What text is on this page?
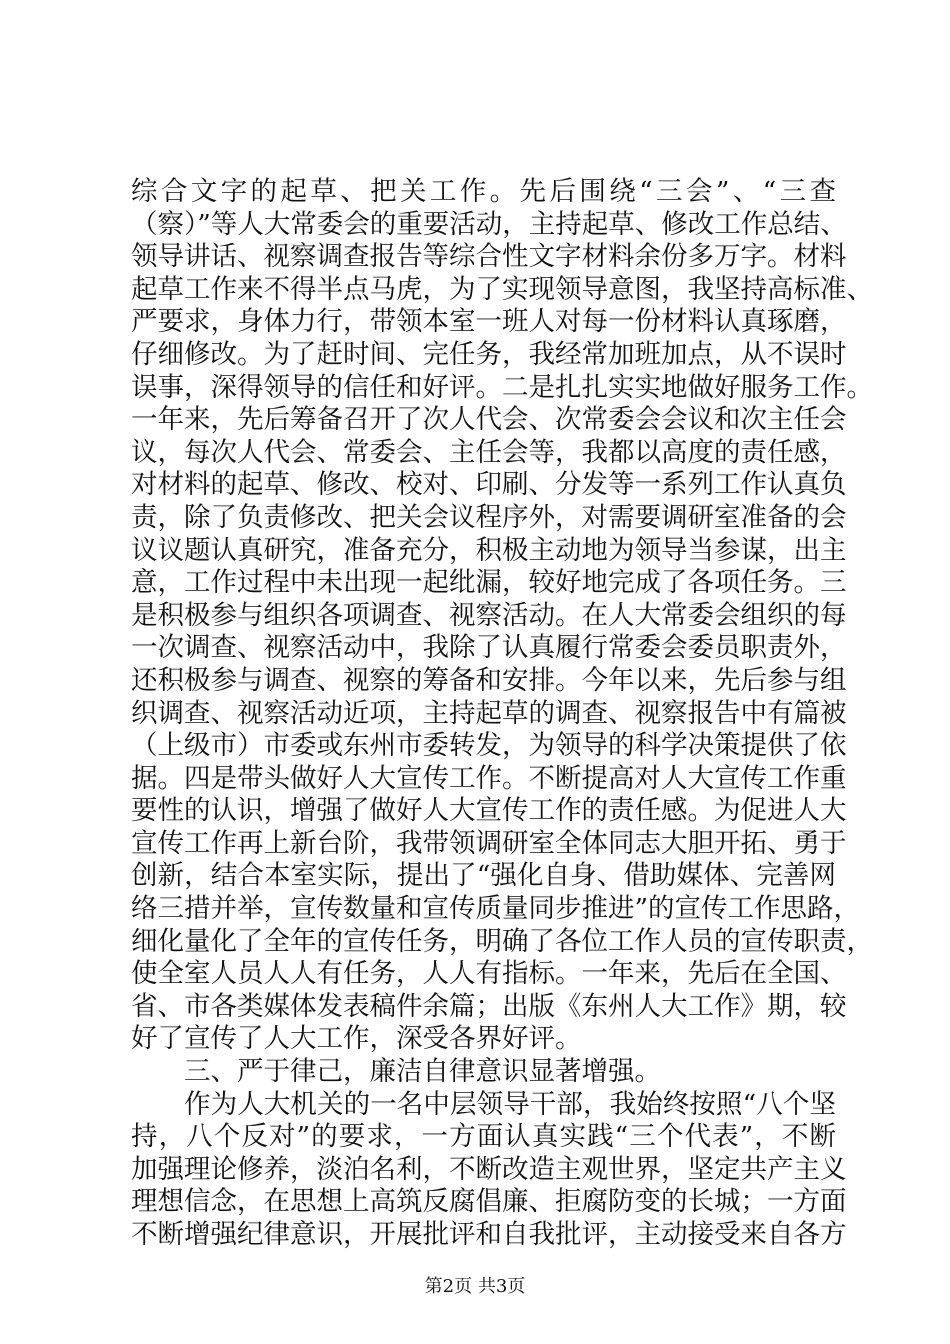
综合文字的起草、把关工作。先后围绕“三会”、“三查
（察）”等人大常委会的重要活动，主持起草、修改工作总结、
领导讲话、视察调查报告等综合性文字材料余份多万字。材料
起草工作来不得半点马虎，为了实现领导意图，我坚持高标准、
严要求，身体力行，带领本室一班人对每一份材料认真琢磨，
仔细修改。为了赶时间、完任务，我经常加班加点，从不误时
误事，深得领导的信任和好评。二是扎扎实实地做好服务工作。
一年来，先后筹备召开了次人代会、次常委会会议和次主任会
议，每次人代会、常委会、主任会等，我都以高度的责任感，
对材料的起草、修改、校对、印刷、分发等一系列工作认真负
责，除了负责修改、把关会议程序外，对需要调研室准备的会
议议题认真研究，准备充分，积极主动地为领导当参谋，出主
意，工作过程中未出现一起纰漏，较好地完成了各项任务。三
是积极参与组织各项调查、视察活动。在人大常委会组织的每
一次调查、视察活动中，我除了认真履行常委会委员职责外，
还积极参与调查、视察的筹备和安排。今年以来，先后参与组
织调查、视察活动近项，主持起草的调查、视察报告中有篇被
（上级市）市委或东州市委转发，为领导的科学决策提供了依
据。四是带头做好人大宣传工作。不断提高对人大宣传工作重
要性的认识，增强了做好人大宣传工作的责任感。为促进人大
宣传工作再上新台阶，我带领调研室全体同志大胆开拓、勇于
创新，结合本室实际，提出了“强化自身、借助媒体、完善网
络三措并举，宣传数量和宣传质量同步推进”的宣传工作思路，
细化量化了全年的宣传任务，明确了各位工作人员的宣传职责，
使全室人员人人有任务，人人有指标。一年来，先后在全国、
省、市各类媒体发表稿件余篇；出版《东州人大工作》期，较
好了宣传了人大工作，深受各界好评。
三、严于律己，廉洁自律意识显著增强。
作为人大机关的一名中层领导干部，我始终按照“八个坚
持，八个反对”的要求，一方面认真实践“三个代表”，不断
加强理论修养，淡泊名利，不断改造主观世界，坚定共产主义
理想信念，在思想上高筑反腐倡廉、拒腐防变的长城；一方面
不断增强纪律意识，开展批评和自我批评，主动接受来自各方
第2页 共3页
